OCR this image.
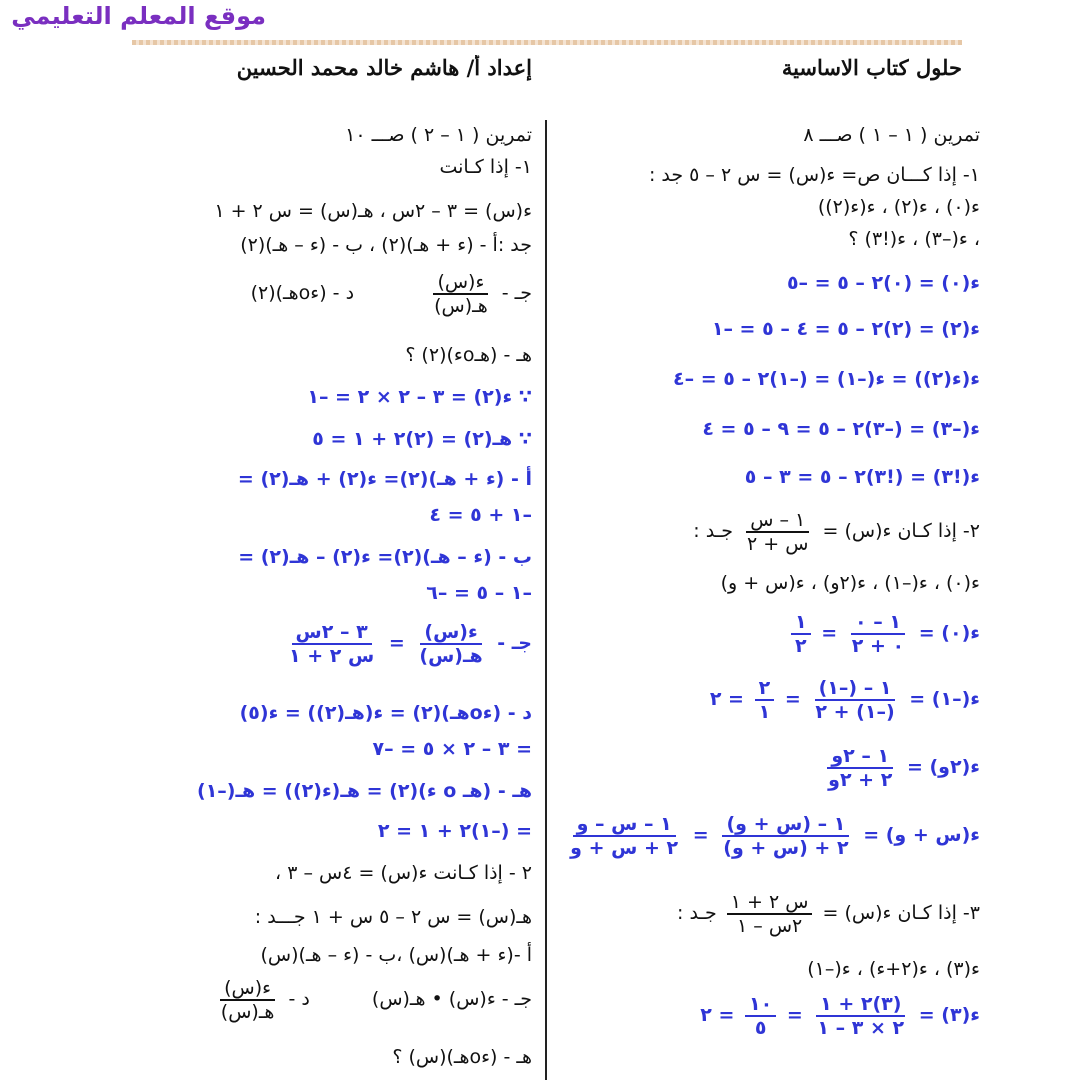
موقع المعلم التعليمي
حلول كتاب الاساسية
إعداد أ/ هاشم خالد محمد الحسين
تمرين ( ١ – ١ ) صـــ ٨
١- إذا كـــان ص= ء(س) = س ٢ – ٥ جد :
ء(٠) ، ء(٢) ، ء(ء(٢))
، ء(–٣) ، ء(!٣) ؟
ء(٠) = (٠)٢ – ٥ = –٥
ء(٢) = (٢)٢ – ٥ = ٤ – ٥ = –١
ء(ء(٢)) = ء(–١) = (–١)٢ – ٥ = –٤
ء(–٣) = (–٣)٢ – ٥ = ٩ – ٥ = ٤
ء(!٣) = (!٣)٢ – ٥ = ٣ – ٥
٢- إذا كـان ء(س) =
$\frac{\text{١ – س}}{\text{س + ٢}}$
جـد :
ء(٠) ، ء(–١) ، ء(٢و) ، ء(س + و)
ء(٠) =
$\frac{١ - ٠}{٠ + ٢}$
=
$\frac{١}{٢}$
ء(–١) =
$\frac{١ - (-١)}{(-١) + ٢}$
=
$\frac{٢}{١}$
= ٢
ء(٢و) =
$\frac{\text{١ – ٢و}}{\text{٢ + ٢و}}$
ء(س + و) =
$\frac{\text{١ – (س + و)}}{\text{٢ + (س + و)}}$
=
$\frac{\text{١ – س – و}}{\text{٢ + س + و}}$
٣- إذا كـان ء(س) =
$\frac{\text{س ٢ + ١}}{\text{٢س – ١}}$
جـد :
ء(٣) ، ء(٢+ء) ، ء(–١)
ء(٣) =
$\frac{(٣)٢ + ١}{٢ \times ٣ - ١}$
=
$\frac{١٠}{٥}$
= ٢
تمرين ( ١ – ٢ ) صـــ ١٠
١- إذا كـانت
ء(س) = ٣ – ٢س ، هـ(س) = س ٢ + ١
جد :أ - (ء + هـ)(٢) ، ب - (ء – هـ)(٢)
جـ -
$\frac{\text{ء(س)}}{\text{هـ(س)}}$
د - (ءoهـ)(٢)
هـ - (هـoء)(٢) ؟
∵ ء(٢) = ٣ – ٢ × ٢ = –١
∵ هـ(٢) = (٢)٢ + ١ = ٥
أ - (ء + هـ)(٢)= ء(٢) + هـ(٢) =
–١ + ٥ = ٤
ب - (ء – هـ)(٢)= ء(٢) – هـ(٢) =
–١ – ٥ = –٦
جـ -
$\frac{\text{ء(س)}}{\text{هـ(س)}}$
=
$\frac{\text{٣ – ٢س}}{\text{س ٢ + ١}}$
د - (ءoهـ)(٢) = ء(هـ(٢)) = ء(٥)
= ٣ – ٢ × ٥ = –٧
هـ - (هـ o ء)(٢) = هـ(ء(٢)) = هـ(–١)
= (–١)٢ + ١ = ٢
٢ - إذا كـانت ء(س) = ٤س – ٣ ،
هـ(س) = س ٢ – ٥ س + ١ جـــد :
أ -(ء + هـ)(س) ،ب - (ء – هـ)(س)
جـ - ء(س) • هـ(س)  د -
$\frac{\text{ء(س)}}{\text{هـ(س)}}$
هـ - (ءoهـ)(س) ؟
